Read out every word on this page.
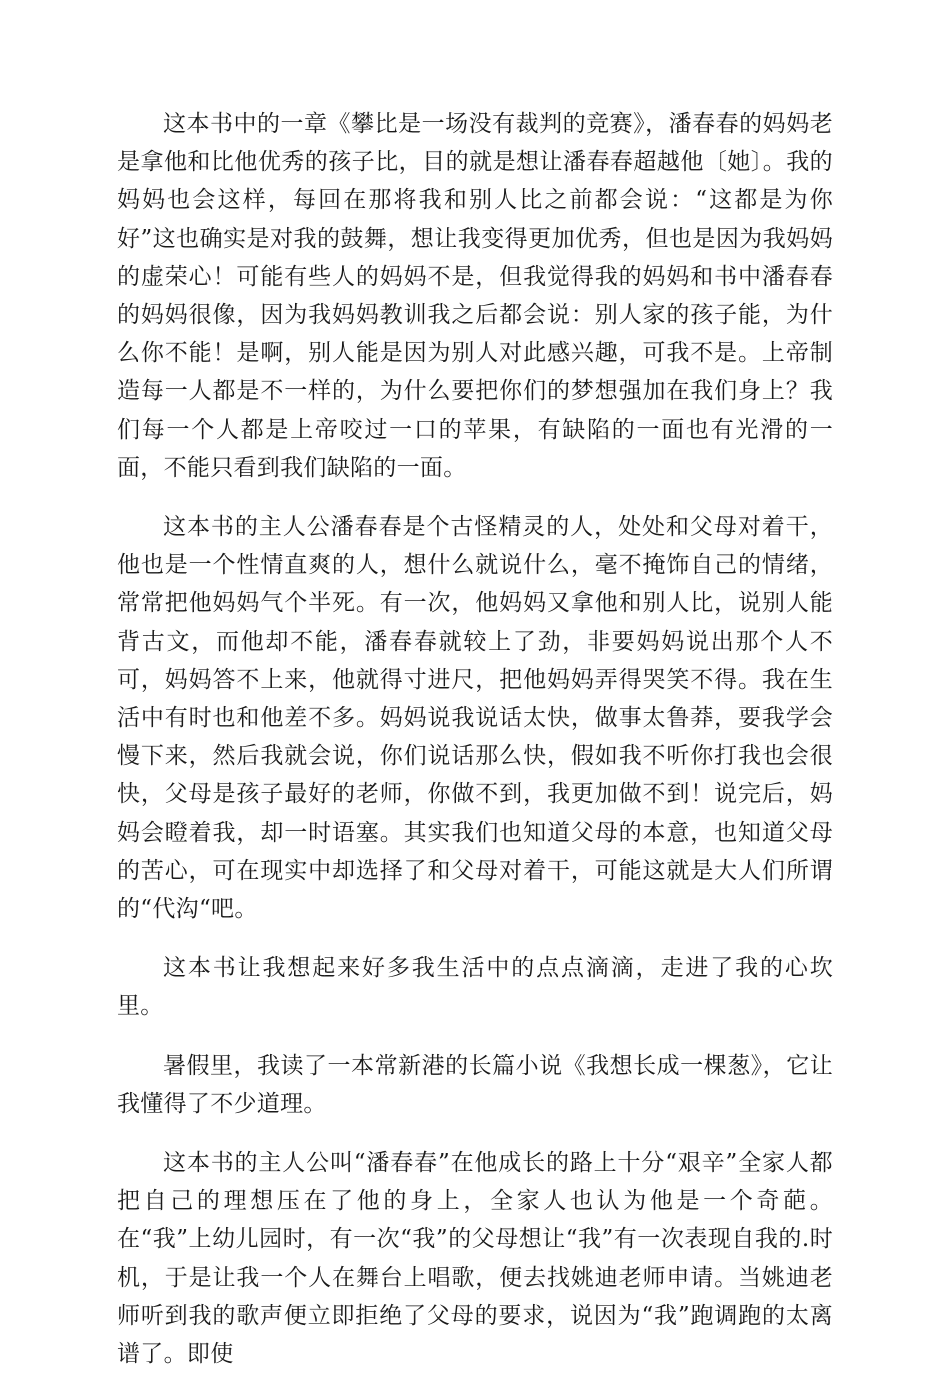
这本书中的一章《攀比是一场没有裁判的竞赛》，潘春春的妈妈老是拿他和比他优秀的孩子比，目的就是想让潘春春超越他〔她〕。我的妈妈也会这样，每回在那将我和别人比之前都会说：“这都是为你好”这也确实是对我的鼓舞，想让我变得更加优秀，但也是因为我妈妈的虚荣心！可能有些人的妈妈不是，但我觉得我的妈妈和书中潘春春的妈妈很像，因为我妈妈教训我之后都会说：别人家的孩子能，为什么你不能！是啊，别人能是因为别人对此感兴趣，可我不是。上帝制造每一人都是不一样的，为什么要把你们的梦想强加在我们身上？我们每一个人都是上帝咬过一口的苹果，有缺陷的一面也有光滑的一面，不能只看到我们缺陷的一面。

这本书的主人公潘春春是个古怪精灵的人，处处和父母对着干，他也是一个性情直爽的人，想什么就说什么，毫不掩饰自己的情绪，常常把他妈妈气个半死。有一次，他妈妈又拿他和别人比，说别人能背古文，而他却不能，潘春春就较上了劲，非要妈妈说出那个人不可，妈妈答不上来，他就得寸进尺，把他妈妈弄得哭笑不得。我在生活中有时也和他差不多。妈妈说我说话太快，做事太鲁莽，要我学会慢下来，然后我就会说，你们说话那么快，假如我不听你打我也会很快，父母是孩子最好的老师，你做不到，我更加做不到！说完后，妈妈会瞪着我，却一时语塞。其实我们也知道父母的本意，也知道父母的苦心，可在现实中却选择了和父母对着干，可能这就是大人们所谓的“代沟“吧。

这本书让我想起来好多我生活中的点点滴滴，走进了我的心坎里。

暑假里，我读了一本常新港的长篇小说《我想长成一棵葱》，它让我懂得了不少道理。

这本书的主人公叫“潘春春”在他成长的路上十分“艰辛”全家人都把自己的理想压在了他的身上，全家人也认为他是一个奇葩。在“我”上幼儿园时，有一次“我”的父母想让“我”有一次表现自我的.时机，于是让我一个人在舞台上唱歌，便去找姚迪老师申请。当姚迪老师听到我的歌声便立即拒绝了父母的要求，说因为“我”跑调跑的太离谱了。即使
